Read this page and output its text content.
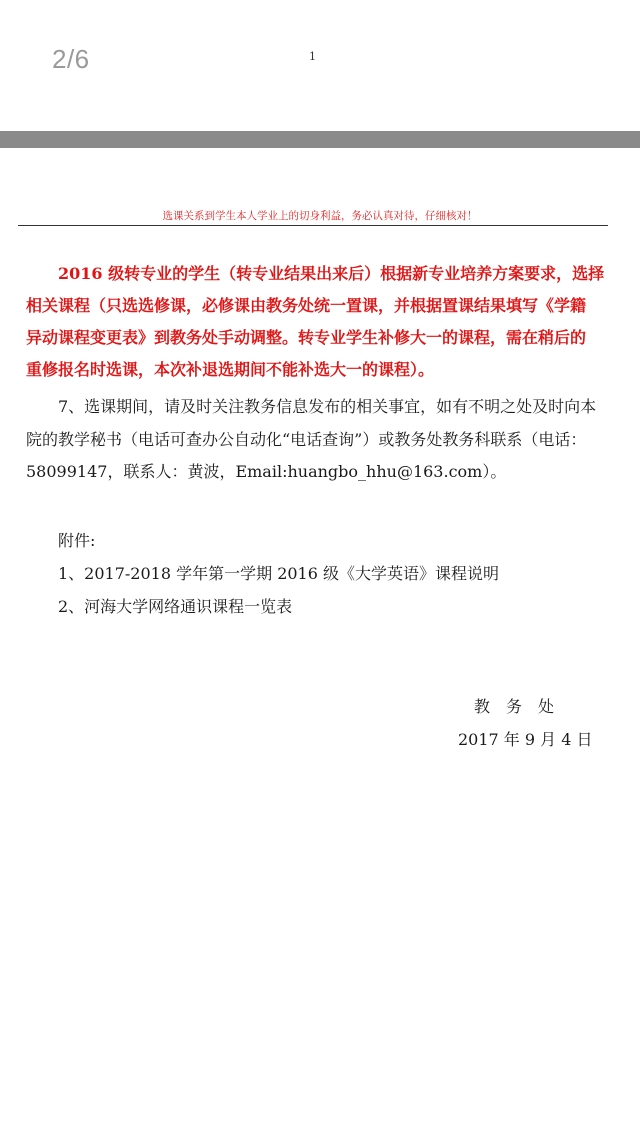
2/6	1
选课关系到学生本人学业上的切身利益，务必认真对待，仔细核对！
2016 级转专业的学生（转专业结果出来后）根据新专业培养方案要求，选择
相关课程（只选选修课，必修课由教务处统一置课，并根据置课结果填写《学籍
异动课程变更表》到教务处手动调整。转专业学生补修大一的课程，需在稍后的
重修报名时选课，本次补退选期间不能补选大一的课程）。
7、选课期间，请及时关注教务信息发布的相关事宜，如有不明之处及时向本
院的教学秘书（电话可查办公自动化“电话查询”）或教务处教务科联系（电话：
58099147，联系人：黄波，Email:huangbo_hhu@163.com）。
附件:
1、2017-2018 学年第一学期 2016 级《大学英语》课程说明
2、河海大学网络通识课程一览表
教　务　处
2017 年 9 月 4 日
